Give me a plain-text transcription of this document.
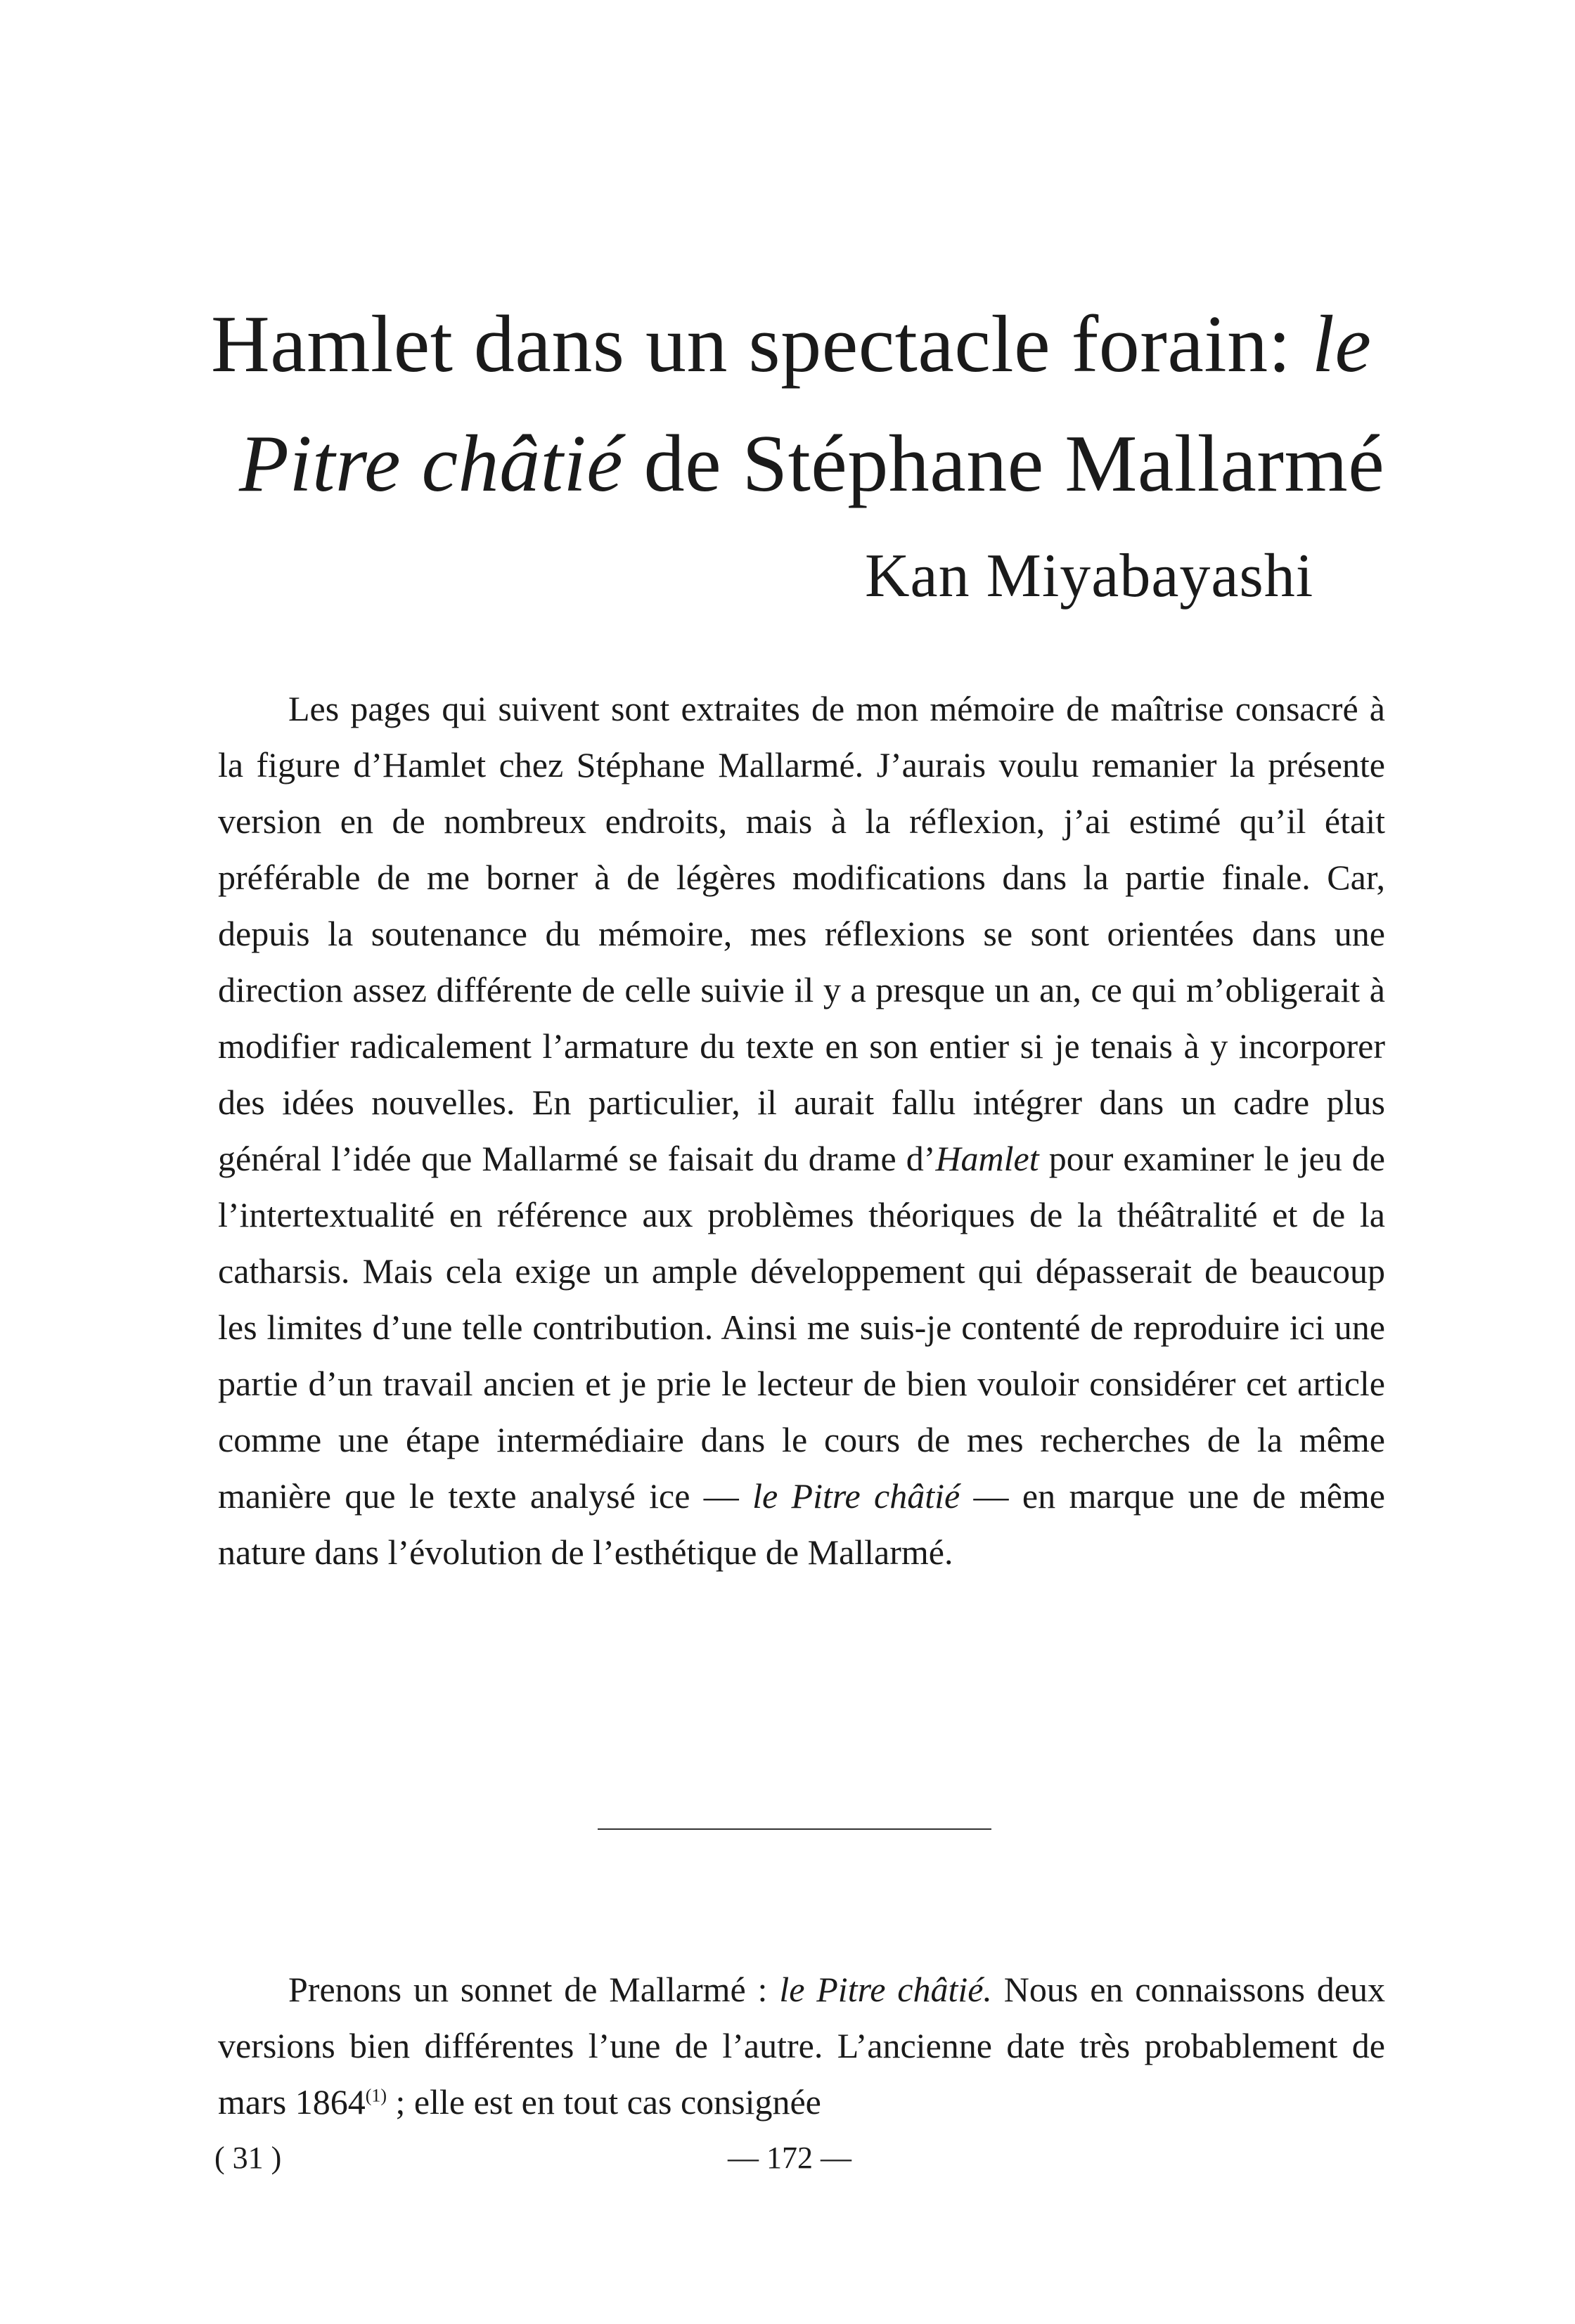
Hamlet dans un spectacle forain: le
Pitre châtié de Stéphane Mallarmé

Kan Miyabayashi

Les pages qui suivent sont extraites de mon mémoire de maîtrise consacré à la figure d’Hamlet chez Stéphane Mallarmé. J’aurais voulu remanier la présente version en de nombreux endroits, mais à la réflexion, j’ai estimé qu’il était préférable de me borner à de légères modifications dans la partie finale. Car, depuis la soutenance du mémoire, mes réflexions se sont orientées dans une direction assez différente de celle suivie il y a presque un an, ce qui m’obligerait à modifier radicalement l’armature du texte en son entier si je tenais à y incorporer des idées nouvelles. En particulier, il aurait fallu intégrer dans un cadre plus général l’idée que Mallarmé se faisait du drame d’Hamlet pour examiner le jeu de l’intertextualité en référence aux problèmes théoriques de la théâtralité et de la catharsis. Mais cela exige un ample développement qui dépasserait de beaucoup les limites d’une telle contribution. Ainsi me suis-je contenté de reproduire ici une partie d’un travail ancien et je prie le lecteur de bien vouloir considérer cet article comme une étape intermédiaire dans le cours de mes recherches de la même manière que le texte analysé ice — le Pitre châtié — en marque une de même nature dans l’évolution de l’esthétique de Mallarmé.

Prenons un sonnet de Mallarmé : le Pitre châtié. Nous en connaissons deux versions bien différentes l’une de l’autre. L’ancienne date très probablement de mars 1864$^{(1)}$ ; elle est en tout cas consignée

( 31 )	— 172 —
